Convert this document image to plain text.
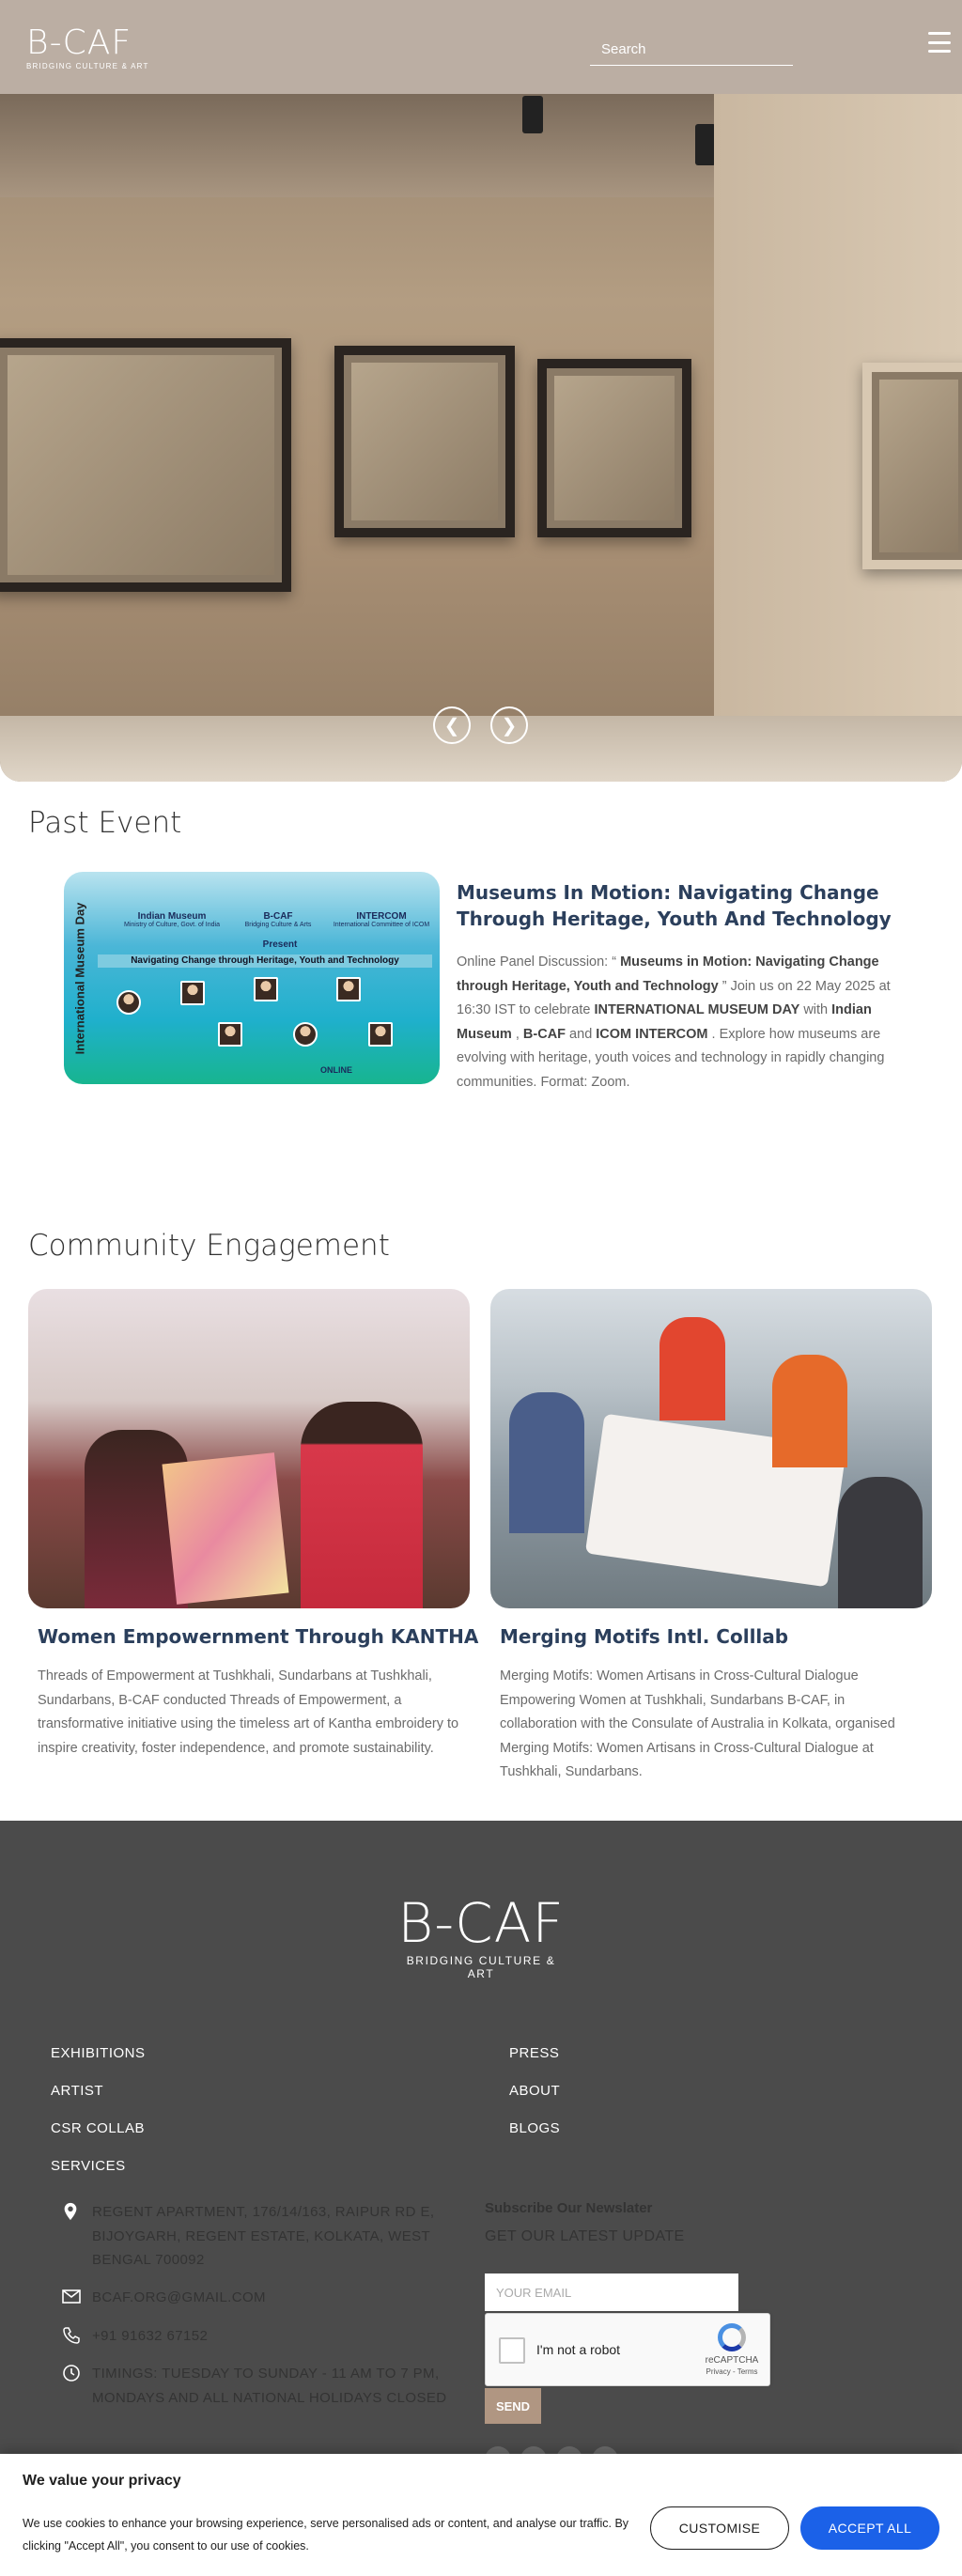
B-CAF
BRIDGING CULTURE & ART
Search
❮ ❯
Past Event
International Museum Day	Indian Museum
Ministry of Culture, Govt. of India
B-CAF
Bridging Culture & Arts
INTERCOM
International Committee of ICOM
Present
Navigating Change through Heritage, Youth and Technology
ONLINE
Museums In Motion: Navigating Change Through Heritage, Youth And Technology
Online Panel Discussion: “ Museums in Motion: Navigating Change through Heritage, Youth and Technology ” Join us on 22 May 2025 at 16:30 IST to celebrate INTERNATIONAL MUSEUM DAY with Indian Museum , B-CAF and ICOM INTERCOM . Explore how museums are evolving with heritage, youth voices and technology in rapidly changing communities. Format: Zoom.
Community Engagement
Women Empowernment Through KANTHA
Threads of Empowerment at Tushkhali, Sundarbans at Tushkhali, Sundarbans, B-CAF conducted Threads of Empowerment, a transformative initiative using the timeless art of Kantha embroidery to inspire creativity, foster independence, and promote sustainability.
Merging Motifs Intl. Colllab
Merging Motifs: Women Artisans in Cross-Cultural Dialogue Empowering Women at Tushkhali, Sundarbans B-CAF, in collaboration with the Consulate of Australia in Kolkata, organised Merging Motifs: Women Artisans in Cross-Cultural Dialogue at Tushkhali, Sundarbans.
B-CAF
BRIDGING CULTURE & ART
EXHIBITIONS
ARTIST
CSR COLLAB
SERVICES
PRESS
ABOUT
BLOGS
REGENT APARTMENT, 176/14/163, RAIPUR RD E, BIJOYGARH, REGENT ESTATE, KOLKATA, WEST BENGAL 700092
BCAF.ORG@GMAIL.COM
+91 91632 67152
TIMINGS: TUESDAY TO SUNDAY - 11 AM TO 7 PM, MONDAYS AND ALL NATIONAL HOLIDAYS CLOSED
Subscribe Our Newslater
GET OUR LATEST UPDATE
YOUR EMAIL
I'm not a robot
reCAPTCHA
Privacy - Terms
SEND
We value your privacy
We use cookies to enhance your browsing experience, serve personalised ads or content, and analyse our traffic. By clicking "Accept All", you consent to our use of cookies.
CUSTOMISE	ACCEPT ALL
